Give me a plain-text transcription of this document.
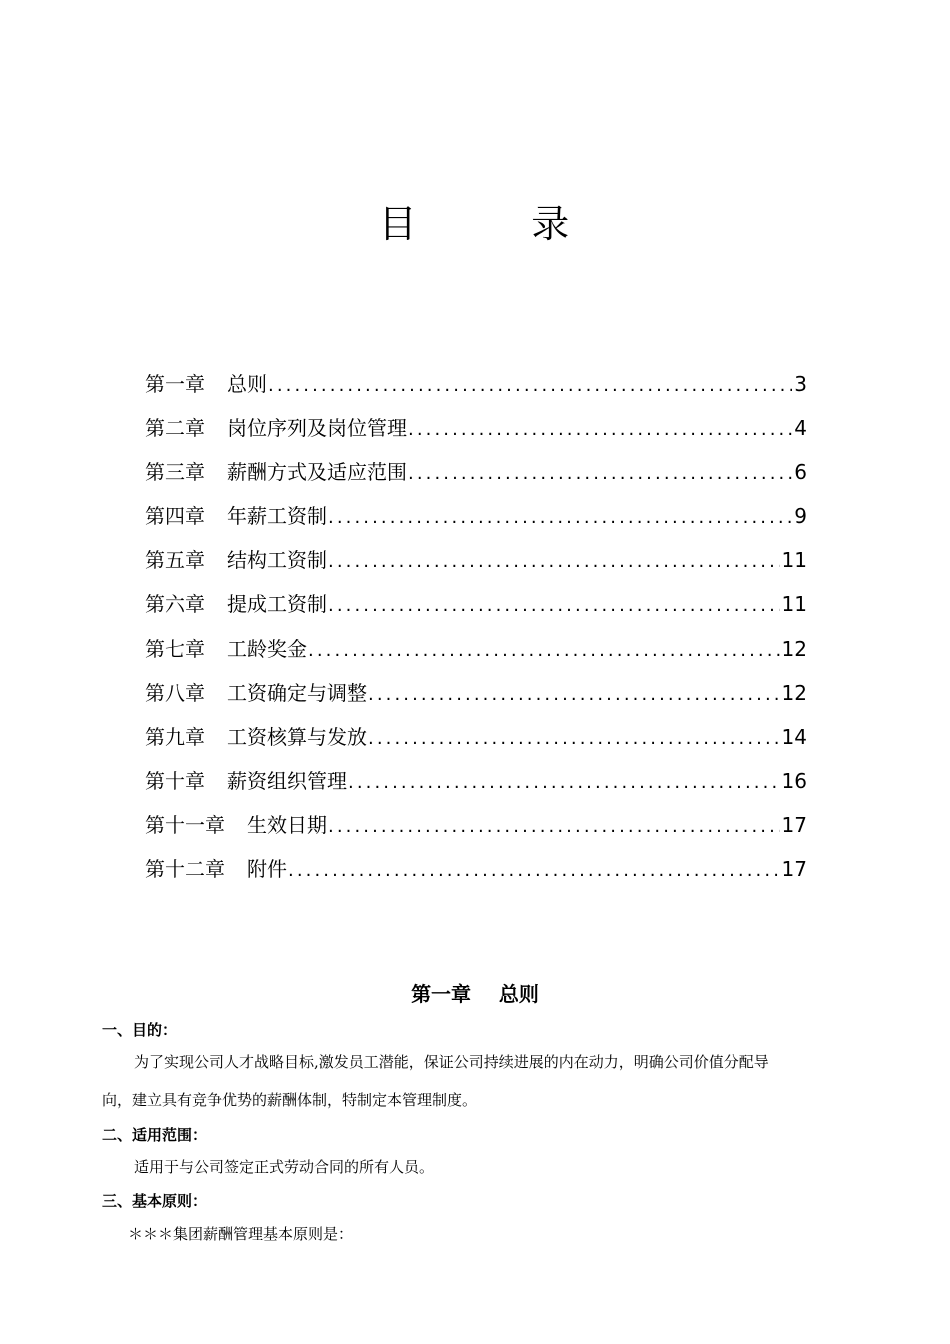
目        录
第一章 总则 .....	3
第二章 岗位序列及岗位管理 .....	4
第三章 薪酬方式及适应范围 .....	6
第四章 年薪工资制 .....	9
第五章 结构工资制 .....	11
第六章 提成工资制 .....	11
第七章 工龄奖金 .....	12
第八章 工资确定与调整 .....	12
第九章 工资核算与发放 .....	14
第十章 薪资组织管理 .....	16
第十一章 生效日期 .....	17
第十二章 附件 .....	17
第一章    总则
一、目的：
为了实现公司人才战略目标,激发员工潜能，保证公司持续进展的内在动力，明确公司价值分配导
向，建立具有竞争优势的薪酬体制，特制定本管理制度。
二、适用范围：
适用于与公司签定正式劳动合同的所有人员。
三、基本原则：
＊＊＊集团薪酬管理基本原则是：
